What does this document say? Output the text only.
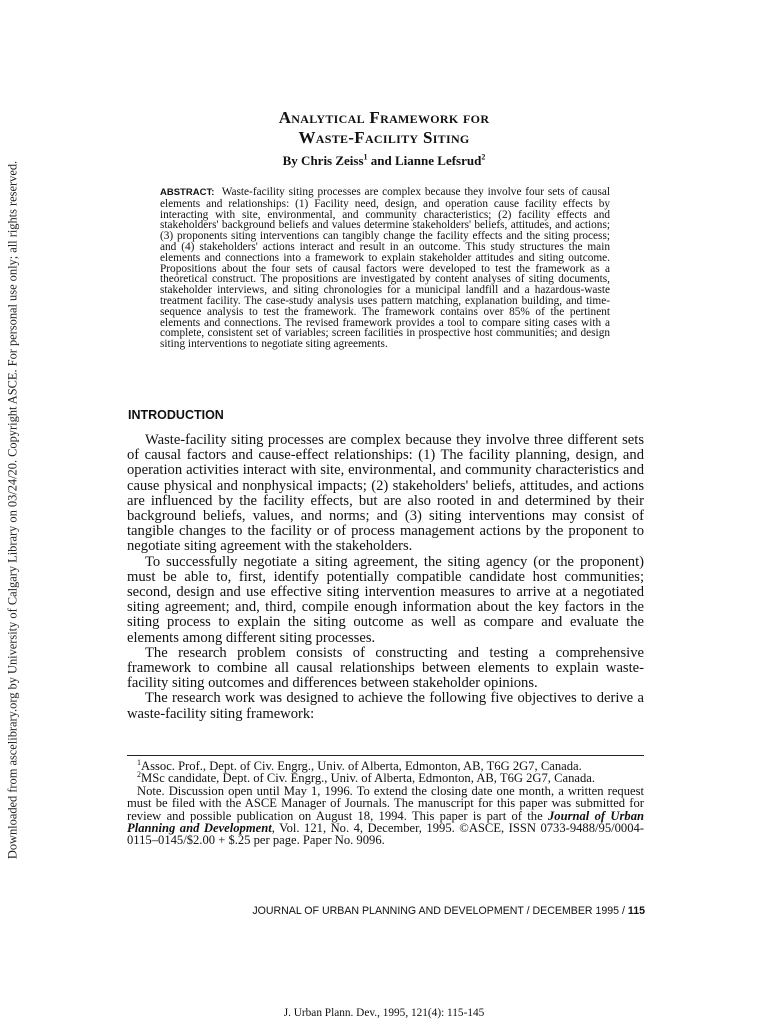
Downloaded from ascelibrary.org by University of Calgary Library on 03/24/20. Copyright ASCE. For personal use only; all rights reserved.
Analytical Framework for
Waste-Facility Siting
By Chris Zeiss$^1$ and Lianne Lefsrud$^2$
ABSTRACT: Waste-facility siting processes are complex because they involve four sets of causal elements and relationships: (1) Facility need, design, and operation cause facility effects by interacting with site, environmental, and community characteristics; (2) facility effects and stakeholders' background beliefs and values determine stakeholders' beliefs, attitudes, and actions; (3) proponents siting interventions can tangibly change the facility effects and the siting process; and (4) stakeholders' actions interact and result in an outcome. This study structures the main elements and connections into a framework to explain stakeholder attitudes and siting outcome. Propositions about the four sets of causal factors were developed to test the framework as a theoretical construct. The propositions are investigated by content analyses of siting documents, stakeholder interviews, and siting chronologies for a municipal landfill and a hazardous-waste treatment facility. The case-study analysis uses pattern matching, explanation building, and time-sequence analysis to test the framework. The framework contains over 85% of the pertinent elements and connections. The revised framework provides a tool to compare siting cases with a complete, consistent set of variables; screen facilities in prospective host communities; and design siting interventions to negotiate siting agreements.
INTRODUCTION

Waste-facility siting processes are complex because they involve three different sets of causal factors and cause-effect relationships: (1) The facility planning, design, and operation activities interact with site, environmental, and community characteristics and cause physical and nonphysical impacts; (2) stakeholders' beliefs, attitudes, and actions are influenced by the facility effects, but are also rooted in and determined by their background beliefs, values, and norms; and (3) siting interventions may consist of tangible changes to the facility or of process management actions by the proponent to negotiate siting agreement with the stakeholders.

To successfully negotiate a siting agreement, the siting agency (or the proponent) must be able to, first, identify potentially compatible candidate host communities; second, design and use effective siting intervention measures to arrive at a negotiated siting agreement; and, third, compile enough information about the key factors in the siting process to explain the siting outcome as well as compare and evaluate the elements among different siting processes.

The research problem consists of constructing and testing a comprehensive framework to combine all causal relationships between elements to explain waste-facility siting outcomes and differences between stakeholder opinions.

The research work was designed to achieve the following five objectives to derive a waste-facility siting framework:

$^1$Assoc. Prof., Dept. of Civ. Engrg., Univ. of Alberta, Edmonton, AB, T6G 2G7, Canada.

$^2$MSc candidate, Dept. of Civ. Engrg., Univ. of Alberta, Edmonton, AB, T6G 2G7, Canada.

Note. Discussion open until May 1, 1996. To extend the closing date one month, a written request must be filed with the ASCE Manager of Journals. The manuscript for this paper was submitted for review and possible publication on August 18, 1994. This paper is part of the Journal of Urban Planning and Development, Vol. 121, No. 4, December, 1995. ©ASCE, ISSN 0733-9488/95/0004-0115–0145/$2.00 + $.25 per page. Paper No. 9096.

JOURNAL OF URBAN PLANNING AND DEVELOPMENT / DECEMBER 1995 / 115
J. Urban Plann. Dev., 1995, 121(4): 115-145
